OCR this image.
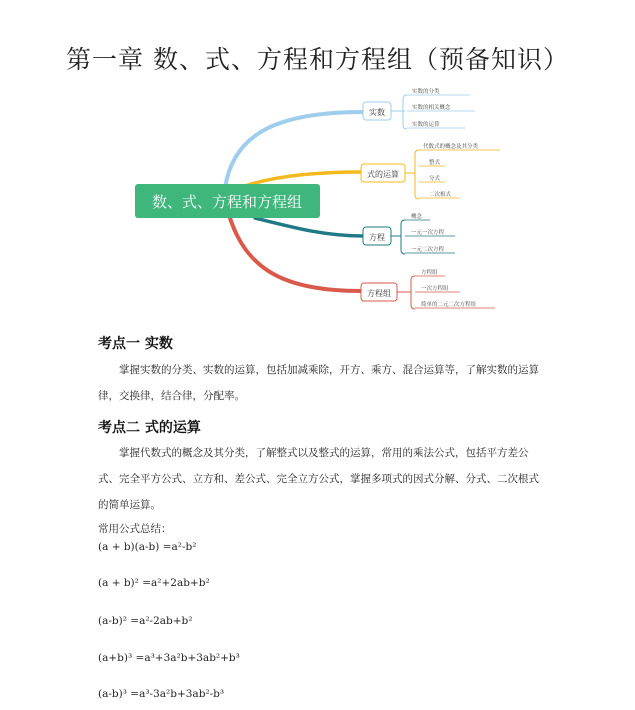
第一章 数、式、方程和方程组（预备知识）
数、式、方程和方程组
实数
实数的分类
实数的相关概念
实数的运算
式的运算
代数式的概念及其分类
整式
分式
二次根式
方程
概念
一元一次方程
一元二次方程
方程组
方程组
一次方程组
简单的二元二次方程组
考点一 实数
掌握实数的分类、实数的运算，包括加减乘除，开方、乘方、混合运算等，了解实数的运算律，交换律，结合律，分配率。
考点二 式的运算
掌握代数式的概念及其分类，了解整式以及整式的运算，常用的乘法公式，包括平方差公式、完全平方公式、立方和、差公式、完全立方公式，掌握多项式的因式分解、分式、二次根式的简单运算。
常用公式总结：
(a + b)(a-b) =a²-b²
(a + b)² =a²+2ab+b²
(a-b)² =a²-2ab+b²
(a+b)³ =a³+3a²b+3ab²+b³
(a-b)³ =a³-3a²b+3ab²-b³
